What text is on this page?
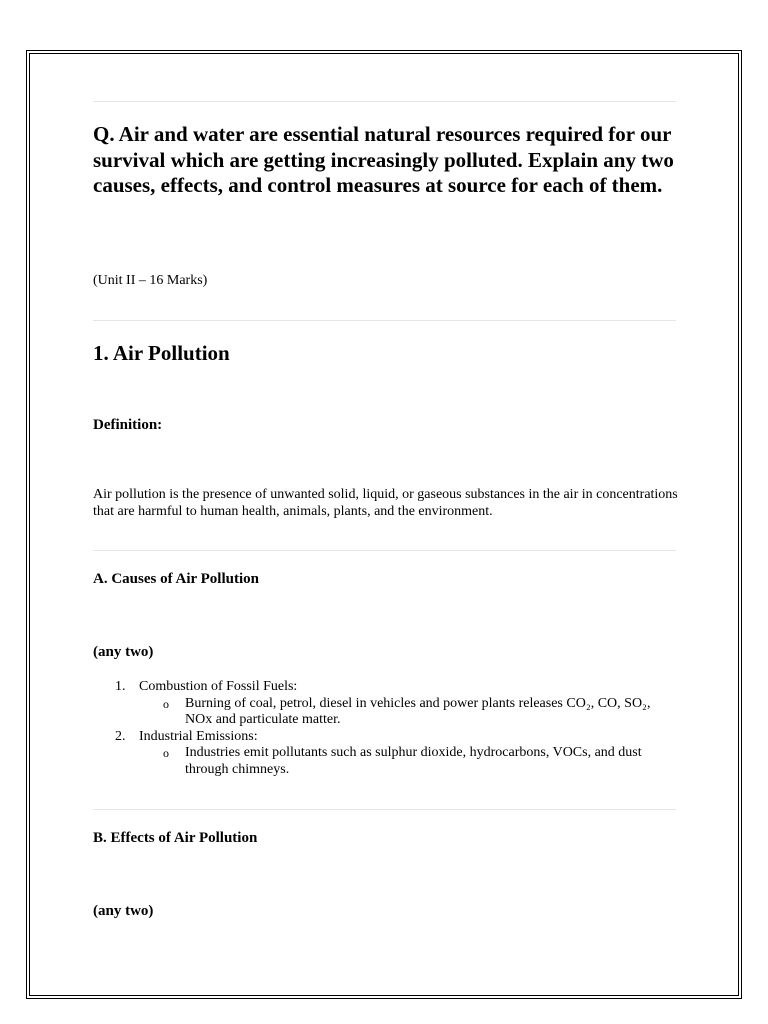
Q. Air and water are essential natural resources required for our survival which are getting increasingly polluted. Explain any two causes, effects, and control measures at source for each of them.
(Unit II – 16 Marks)
1. Air Pollution
Definition:
Air pollution is the presence of unwanted solid, liquid, or gaseous substances in the air in concentrations that are harmful to human health, animals, plants, and the environment.
A. Causes of Air Pollution
(any two)
1. Combustion of Fossil Fuels:
o Burning of coal, petrol, diesel in vehicles and power plants releases CO₂, CO, SO₂, NOx and particulate matter.
2. Industrial Emissions:
o Industries emit pollutants such as sulphur dioxide, hydrocarbons, VOCs, and dust through chimneys.
B. Effects of Air Pollution
(any two)
